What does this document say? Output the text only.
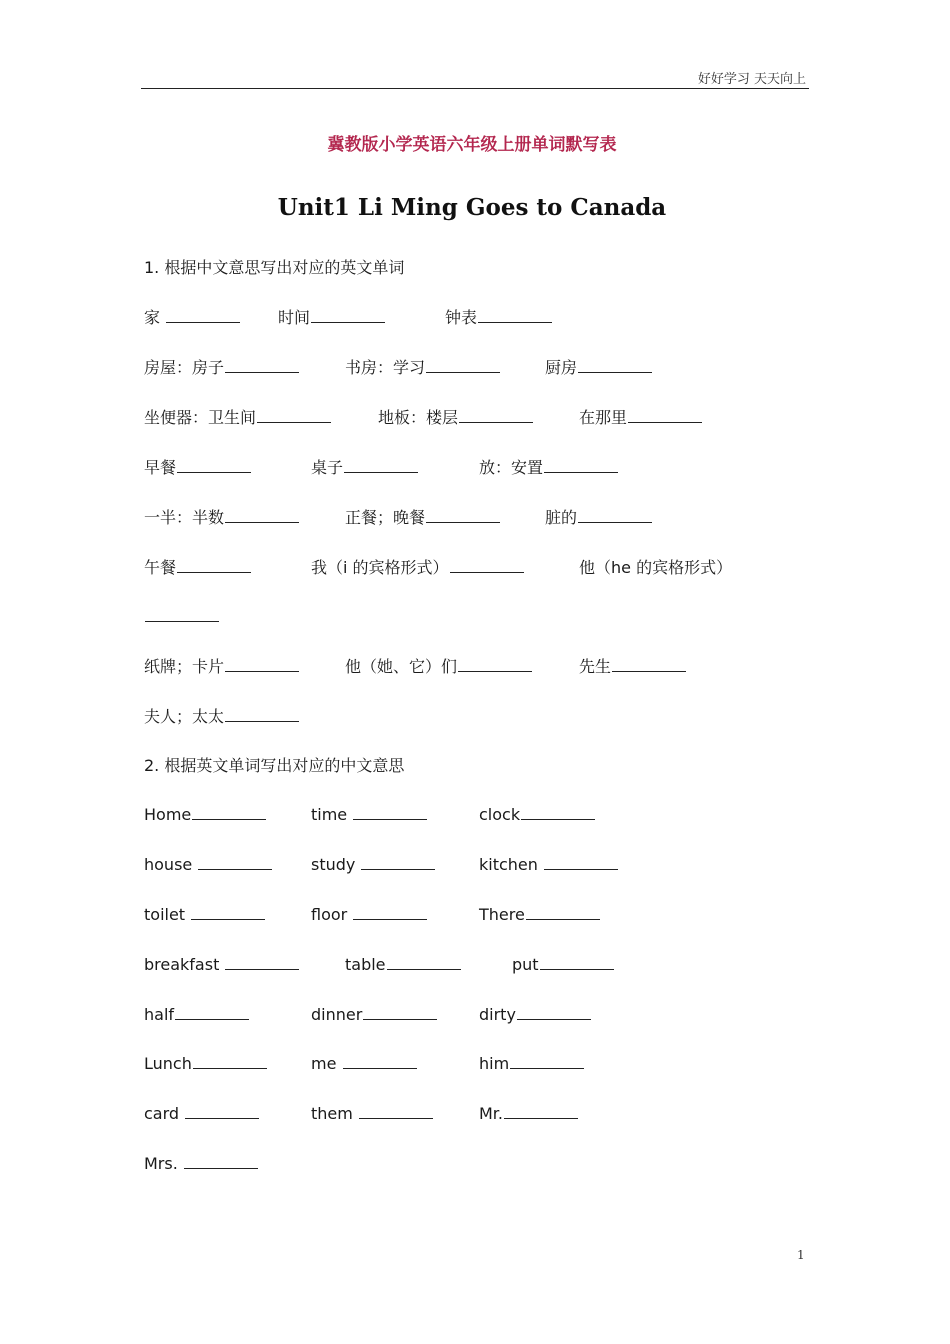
好好学习 天天向上
冀教版小学英语六年级上册单词默写表
Unit1 Li Ming Goes to Canada
1. 根据中文意思写出对应的英文单词
家	时间	钟表
房屋：房子	书房：学习	厨房
坐便器：卫生间	地板：楼层	在那里
早餐	桌子	放：安置
一半：半数	正餐；晚餐	脏的
午餐	我（i 的宾格形式）	他（he 的宾格形式）
纸牌；卡片	他（她、它）们	先生
夫人；太太
2. 根据英文单词写出对应的中文意思
Home	time	clock
house	study	kitchen
toilet	floor	There
breakfast	table	put
half	dinner	dirty
Lunch	me	him
card	them	Mr.
Mrs.
1
